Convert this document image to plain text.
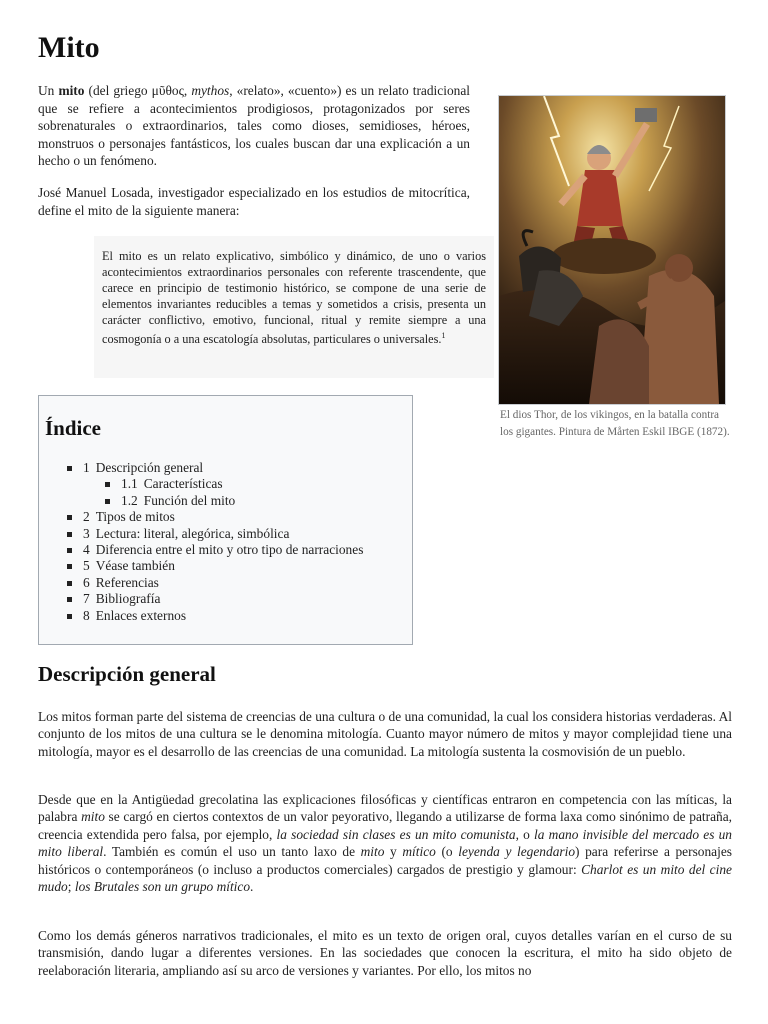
Mito

Un mito (del griego μῦθος, mythos, «relato», «cuento») es un relato tradicional que se refiere a acontecimientos prodigiosos, protagonizados por seres sobrenaturales o extraordinarios, tales como dioses, semidioses, héroes, monstruos o personajes fantásticos, los cuales buscan dar una explicación a un hecho o un fenómeno.

José Manuel Losada, investigador especializado en los estudios de mitocrítica, define el mito de la siguiente manera:

El mito es un relato explicativo, simbólico y dinámico, de uno o varios acontecimientos extraordinarios personales con referente trascendente, que carece en principio de testimonio histórico, se compone de una serie de elementos invariantes reducibles a temas y sometidos a crisis, presenta un carácter conflictivo, emotivo, funcional, ritual y remite siempre a una cosmogonía o a una escatología absolutas, particulares o universales.$^1$

El dios Thor, de los vikingos, en la batalla contra los gigantes. Pintura de Mårten Eskil IBGE (1872).

Índice
1 Descripción general
1.1 Características
1.2 Función del mito
2 Tipos de mitos
3 Lectura: literal, alegórica, simbólica
4 Diferencia entre el mito y otro tipo de narraciones
5 Véase también
6 Referencias
7 Bibliografía
8 Enlaces externos
Descripción general

Los mitos forman parte del sistema de creencias de una cultura o de una comunidad, la cual los considera historias verdaderas. Al conjunto de los mitos de una cultura se le denomina mitología. Cuanto mayor número de mitos y mayor complejidad tiene una mitología, mayor es el desarrollo de las creencias de una comunidad. La mitología sustenta la cosmovisión de un pueblo.

Desde que en la Antigüedad grecolatina las explicaciones filosóficas y científicas entraron en competencia con las míticas, la palabra mito se cargó en ciertos contextos de un valor peyorativo, llegando a utilizarse de forma laxa como sinónimo de patraña, creencia extendida pero falsa, por ejemplo, la sociedad sin clases es un mito comunista, o la mano invisible del mercado es un mito liberal. También es común el uso un tanto laxo de mito y mítico (o leyenda y legendario) para referirse a personajes históricos o contemporáneos (o incluso a productos comerciales) cargados de prestigio y glamour: Charlot es un mito del cine mudo; los Brutales son un grupo mítico.

Como los demás géneros narrativos tradicionales, el mito es un texto de origen oral, cuyos detalles varían en el curso de su transmisión, dando lugar a diferentes versiones. En las sociedades que conocen la escritura, el mito ha sido objeto de reelaboración literaria, ampliando así su arco de versiones y variantes. Por ello, los mitos no
